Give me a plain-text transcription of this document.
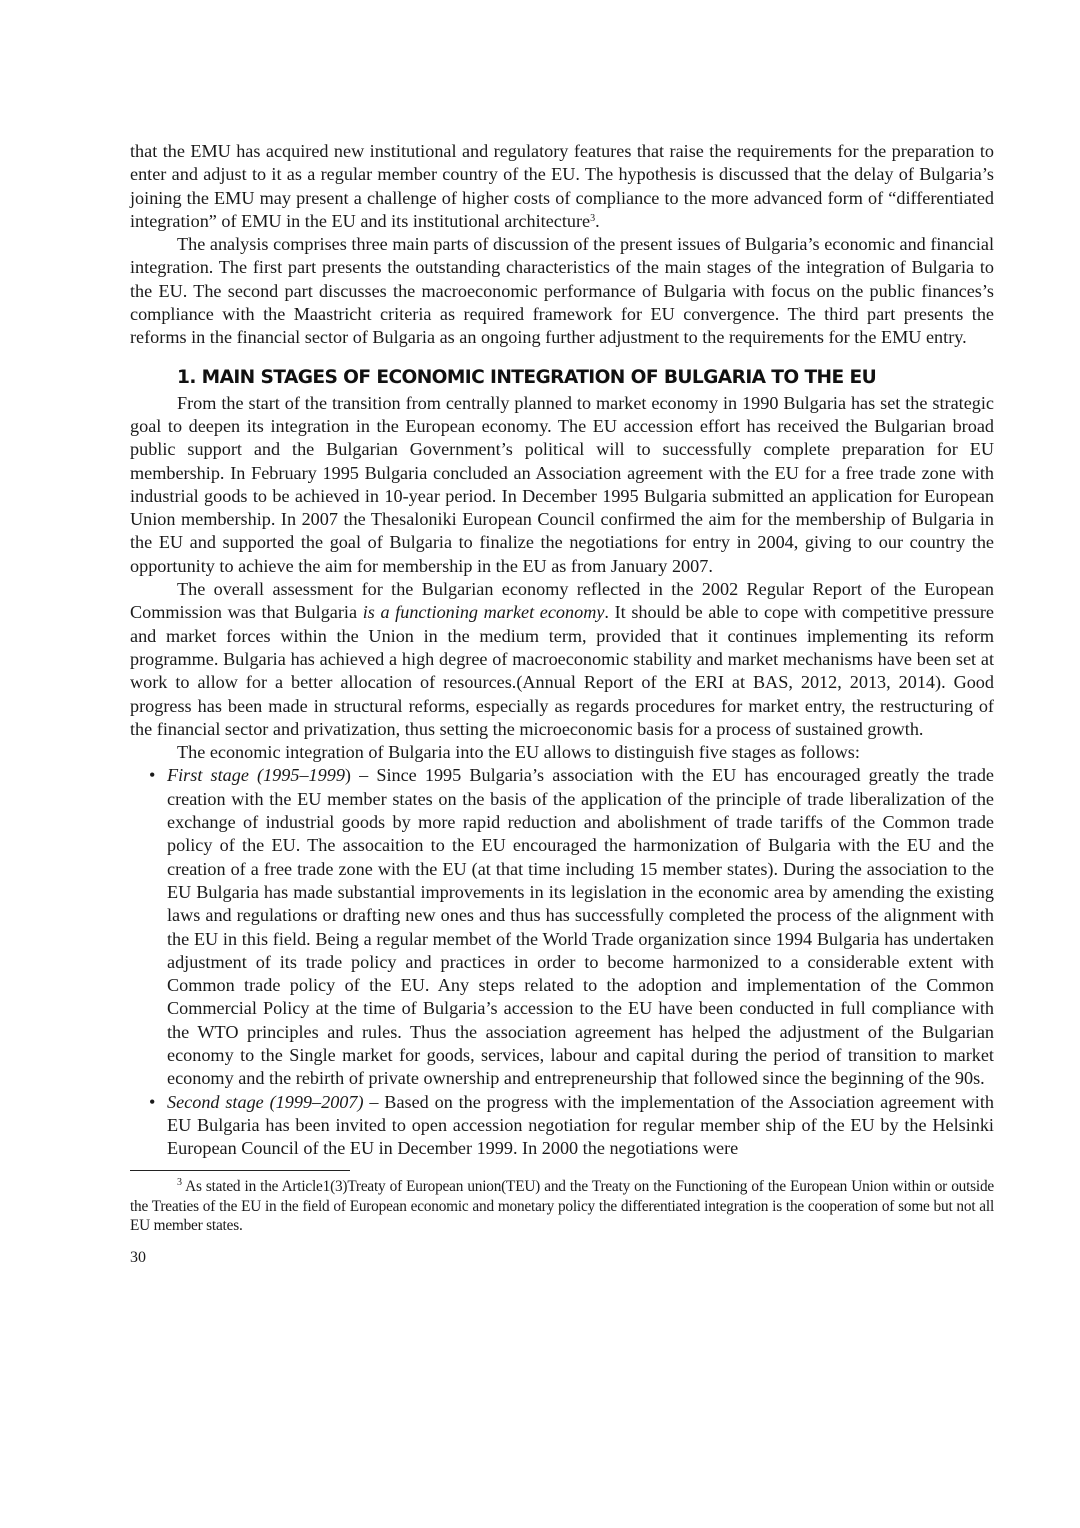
that the EMU has acquired new institutional and regulatory features that raise the requirements for the preparation to enter and adjust to it as a regular member country of the EU. The hypothesis is discussed that the delay of Bulgaria’s joining the EMU may present a challenge of higher costs of compliance to the more advanced form of “differentiated integration” of EMU in the EU and its institutional architecture$^3$.

The analysis comprises three main parts of discussion of the present issues of Bulgaria’s economic and financial integration. The first part presents the outstanding characteristics of the main stages of the integration of Bulgaria to the EU. The second part discusses the macroeconomic performance of Bulgaria with focus on the public finances’s compliance with the Maastricht criteria as required framework for EU convergence. The third part presents the reforms in the financial sector of Bulgaria as an ongoing further adjustment to the requirements for the EMU entry.

1. MAIN STAGES OF ECONOMIC INTEGRATION OF BULGARIA TO THE EU

From the start of the transition from centrally planned to market economy in 1990 Bulgaria has set the strategic goal to deepen its integration in the European economy. The EU accession effort has received the Bulgarian broad public support and the Bulgarian Government’s political will to successfully complete preparation for EU membership. In February 1995 Bulgaria concluded an Association agreement with the EU for a free trade zone with industrial goods to be achieved in 10-year period. In December 1995 Bulgaria submitted an application for European Union membership. In 2007 the Thesaloniki European Council confirmed the aim for the membership of Bulgaria in the EU and supported the goal of Bulgaria to finalize the negotiations for entry in 2004, giving to our country the opportunity to achieve the aim for membership in the EU as from January 2007.

The overall assessment for the Bulgarian economy reflected in the 2002 Regular Report of the European Commission was that Bulgaria is a functioning market economy. It should be able to cope with competitive pressure and market forces within the Union in the medium term, provided that it continues implementing its reform programme. Bulgaria has achieved a high degree of macroeconomic stability and market mechanisms have been set at work to allow for a better allocation of resources.(Annual Report of the ERI at BAS, 2012, 2013, 2014). Good progress has been made in structural reforms, especially as regards procedures for market entry, the restructuring of the financial sector and privatization, thus setting the microeconomic basis for a process of sustained growth.

The economic integration of Bulgaria into the EU allows to distinguish five stages as follows:

• First stage (1995–1999) – Since 1995 Bulgaria’s association with the EU has encouraged greatly the trade creation with the EU member states on the basis of the application of the principle of trade liberalization of the exchange of industrial goods by more rapid reduction and abolishment of trade tariffs of the Common trade policy of the EU. The assocaition to the EU encouraged the harmonization of Bulgaria with the EU and the creation of a free trade zone with the EU (at that time including 15 member states). During the association to the EU Bulgaria has made substantial improvements in its legislation in the economic area by amending the existing laws and regulations or drafting new ones and thus has successfully completed the process of the alignment with the EU in this field. Being a regular membet of the World Trade organization since 1994 Bulgaria has undertaken adjustment of its trade policy and practices in order to become harmonized to a considerable extent with Common trade policy of the EU. Any steps related to the adoption and implementation of the Common Commercial Policy at the time of Bulgaria’s accession to the EU have been conducted in full compliance with the WTO principles and rules. Thus the association agreement has helped the adjustment of the Bulgarian economy to the Single market for goods, services, labour and capital during the period of transition to market economy and the rebirth of private ownership and entrepreneurship that followed since the beginning of the 90s.
• Second stage (1999–2007) – Based on the progress with the implementation of the Association agreement with EU Bulgaria has been invited to open accession negotiation for regular member ship of the EU by the Helsinki European Council of the EU in December 1999. In 2000 the negotiations were

$^3$ As stated in the Article1(3)Treaty of European union(TEU) and the Treaty on the Functioning of the European Union within or outside the Treaties of the EU in the field of European economic and monetary policy the differentiated integration is the cooperation of some but not all EU member states.

30
